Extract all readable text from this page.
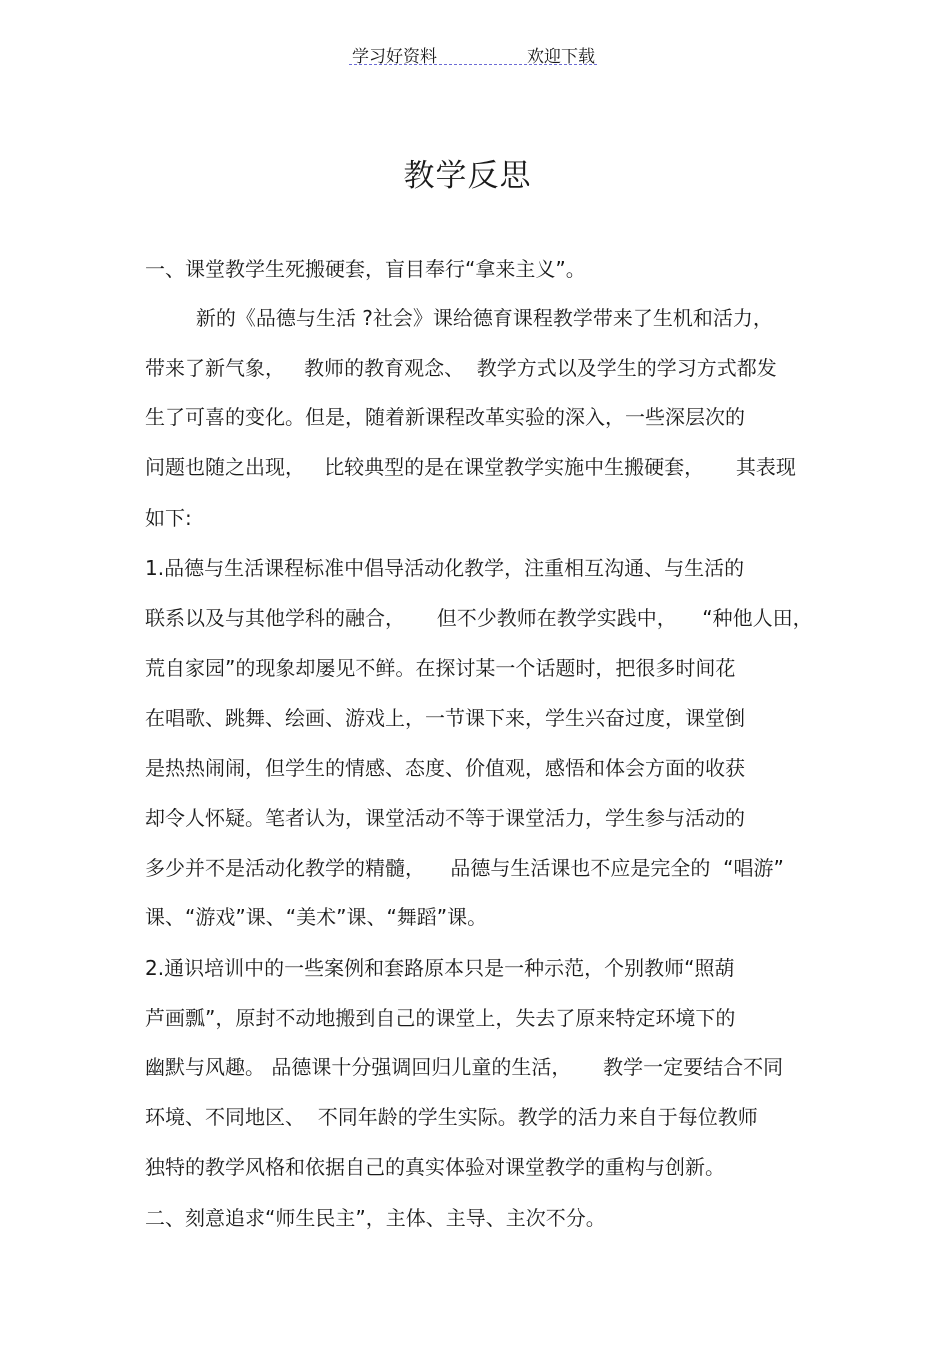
学习好资料	欢迎下载
教学反思
一、课堂教学生死搬硬套，盲目奉行“拿来主义”。
新的《品德与生活 ?社会》课给德育课程教学带来了生机和活力，
带来了新气象，   教师的教育观念、  教学方式以及学生的学习方式都发
生了可喜的变化。但是，随着新课程改革实验的深入，一些深层次的
问题也随之出现，   比较典型的是在课堂教学实施中生搬硬套，     其表现
如下:
1.品德与生活课程标准中倡导活动化教学，注重相互沟通、与生活的
联系以及与其他学科的融合，     但不少教师在教学实践中，    “种他人田，
荒自家园”的现象却屡见不鲜。在探讨某一个话题时，把很多时间花
在唱歌、跳舞、绘画、游戏上，一节课下来，学生兴奋过度，课堂倒
是热热闹闹，但学生的情感、态度、价值观，感悟和体会方面的收获
却令人怀疑。笔者认为，课堂活动不等于课堂活力，学生参与活动的
多少并不是活动化教学的精髓，    品德与生活课也不应是完全的  “唱游”
课、“游戏”课、“美术”课、“舞蹈”课。
2.通识培训中的一些案例和套路原本只是一种示范，个别教师“照葫
芦画瓢”，原封不动地搬到自己的课堂上，失去了原来特定环境下的
幽默与风趣。 品德课十分强调回归儿童的生活，     教学一定要结合不同
环境、不同地区、  不同年龄的学生实际。教学的活力来自于每位教师
独特的教学风格和依据自己的真实体验对课堂教学的重构与创新。
二、刻意追求“师生民主”，主体、主导、主次不分。
